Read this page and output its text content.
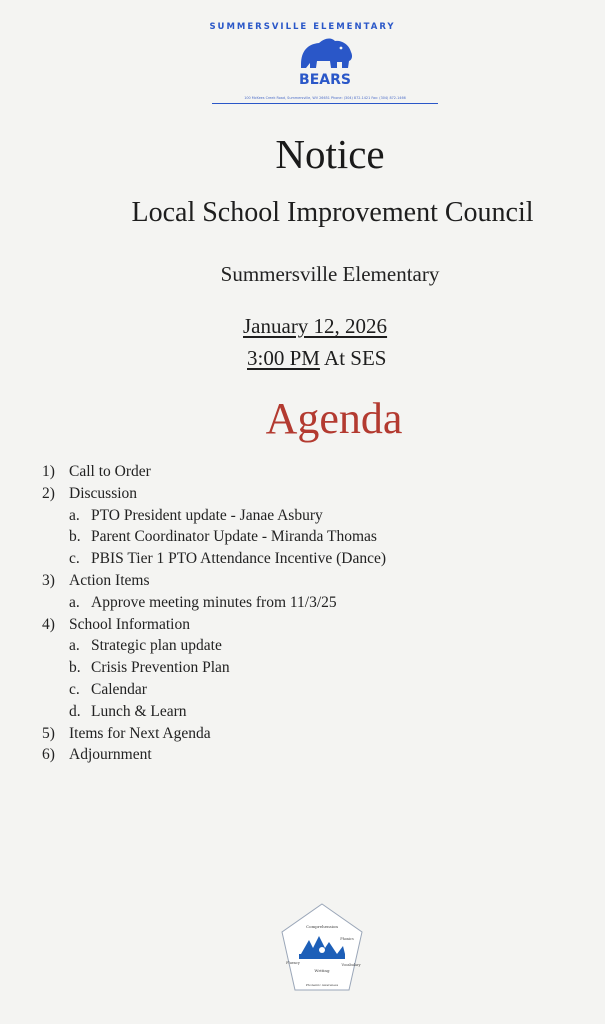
SUMMERSVILLE ELEMENTARY
BEARS
100 McKees Creek Road, Summersville, WV 26651 Phone: (304) 872-1421 Fax: (304) 872-1466
Notice
Local School Improvement Council
Summersville Elementary
January 12, 2026
3:00 PM At SES
Agenda
1) Call to Order
2) Discussion
a. PTO President update - Janae Asbury
b. Parent Coordinator Update - Miranda Thomas
c. PBIS Tier 1 PTO Attendance Incentive (Dance)
3) Action Items
a. Approve meeting minutes from 11/3/25
4) School Information
a. Strategic plan update
b. Crisis Prevention Plan
c. Calendar
d. Lunch & Learn
5) Items for Next Agenda
6) Adjournment
Comprehension
Phonics
Fluency	Vocabulary
Writing
Phonemic Awareness
